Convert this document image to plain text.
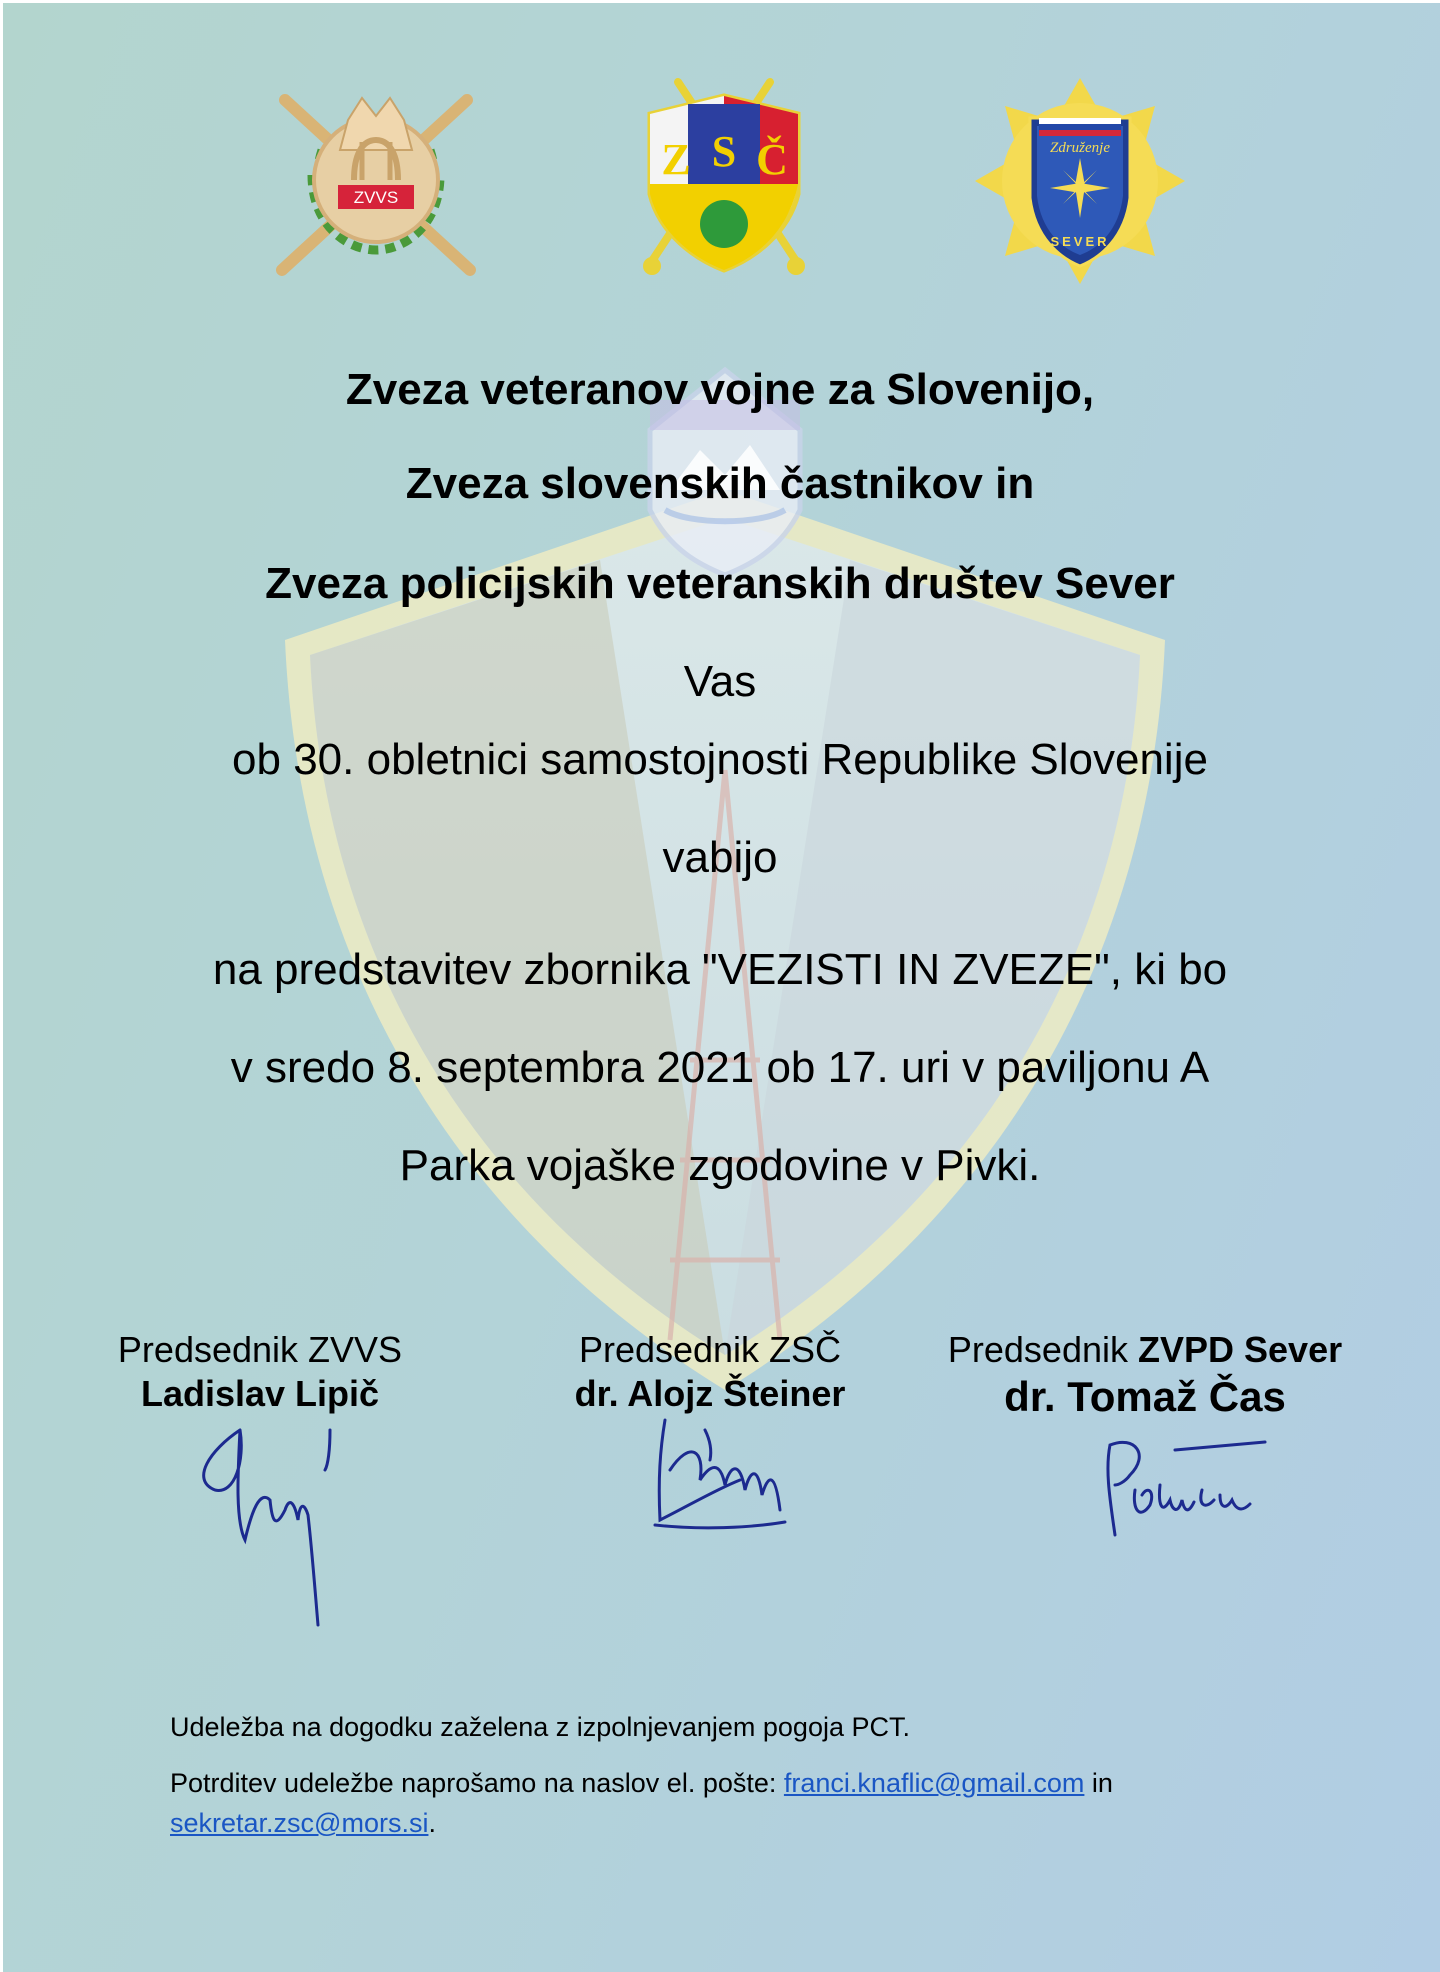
ZVVS
Z S Č	Združenje
SEVER
Zveza veteranov vojne za Slovenijo,
Zveza slovenskih častnikov in
Zveza policijskih veteranskih društev Sever
Vas
ob 30. obletnici samostojnosti Republike Slovenije
vabijo
na predstavitev zbornika "VEZISTI IN ZVEZE", ki bo
v sredo 8. septembra 2021 ob 17. uri v paviljonu A
Parka vojaške zgodovine v Pivki.
Predsednik ZVVS
Ladislav Lipič
Predsednik ZSČ
dr. Alojz Šteiner
Predsednik ZVPD Sever
dr. Tomaž Čas
Udeležba na dogodku zaželena z izpolnjevanjem pogoja PCT.
Potrditev udeležbe naprošamo na naslov el. pošte: franci.knaflic@gmail.com in
sekretar.zsc@mors.si.
